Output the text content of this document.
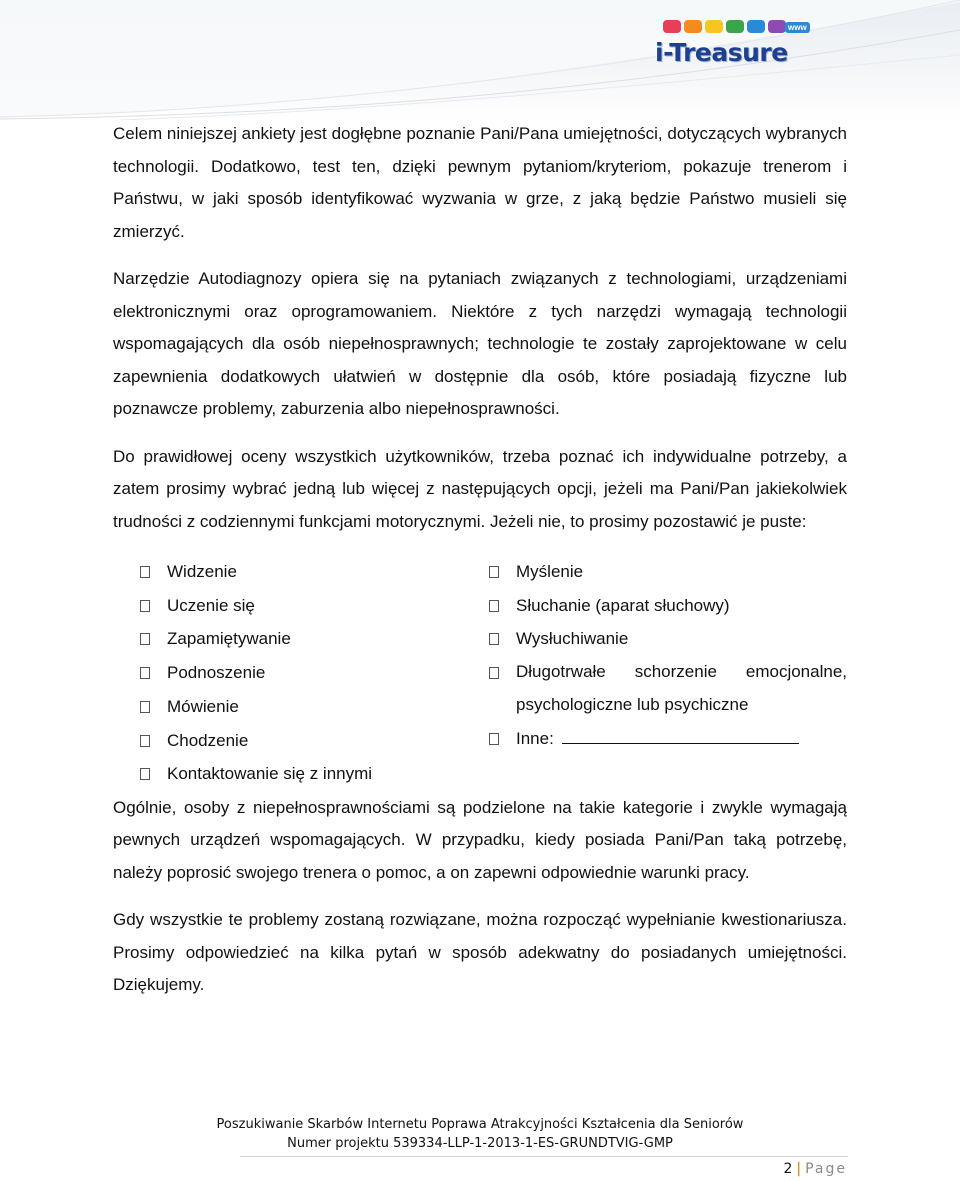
www
i-Treasure

Celem niniejszej ankiety jest dogłębne poznanie Pani/Pana umiejętności, dotyczących wybranych technologii. Dodatkowo, test ten, dzięki pewnym pytaniom/kryteriom, pokazuje trenerom i Państwu, w jaki sposób identyfikować wyzwania w grze, z jaką będzie Państwo musieli się zmierzyć.

Narzędzie Autodiagnozy opiera się na pytaniach związanych z technologiami, urządzeniami elektronicznymi oraz oprogramowaniem. Niektóre z tych narzędzi wymagają technologii wspomagających dla osób niepełnosprawnych; technologie te zostały zaprojektowane w celu zapewnienia dodatkowych ułatwień w dostępnie dla osób, które posiadają fizyczne lub poznawcze problemy, zaburzenia albo niepełnosprawności.

Do prawidłowej oceny wszystkich użytkowników, trzeba poznać ich indywidualne potrzeby, a zatem prosimy wybrać jedną lub więcej z następujących opcji, jeżeli ma Pani/Pan jakiekolwiek trudności z codziennymi funkcjami motorycznymi. Jeżeli nie, to prosimy pozostawić je puste:

Widzenie
Uczenie się
Zapamiętywanie
Podnoszenie
Mówienie
Chodzenie
Kontaktowanie się z innymi
Myślenie
Słuchanie (aparat słuchowy)
Wysłuchiwanie
Długotrwałe schorzenie emocjonalne, psychologiczne lub psychiczne
Inne:

Ogólnie, osoby z niepełnosprawnościami są podzielone na takie kategorie i zwykle wymagają pewnych urządzeń wspomagających. W przypadku, kiedy posiada Pani/Pan taką potrzebę, należy poprosić swojego trenera o pomoc, a on zapewni odpowiednie warunki pracy.

Gdy wszystkie te problemy zostaną rozwiązane, można rozpocząć wypełnianie kwestionariusza. Prosimy odpowiedzieć na kilka pytań w sposób adekwatny do posiadanych umiejętności. Dziękujemy.

Poszukiwanie Skarbów Internetu Poprawa Atrakcyjności Kształcenia dla Seniorów
Numer projektu 539334-LLP-1-2013-1-ES-GRUNDTVIG-GMP
2 | Page
